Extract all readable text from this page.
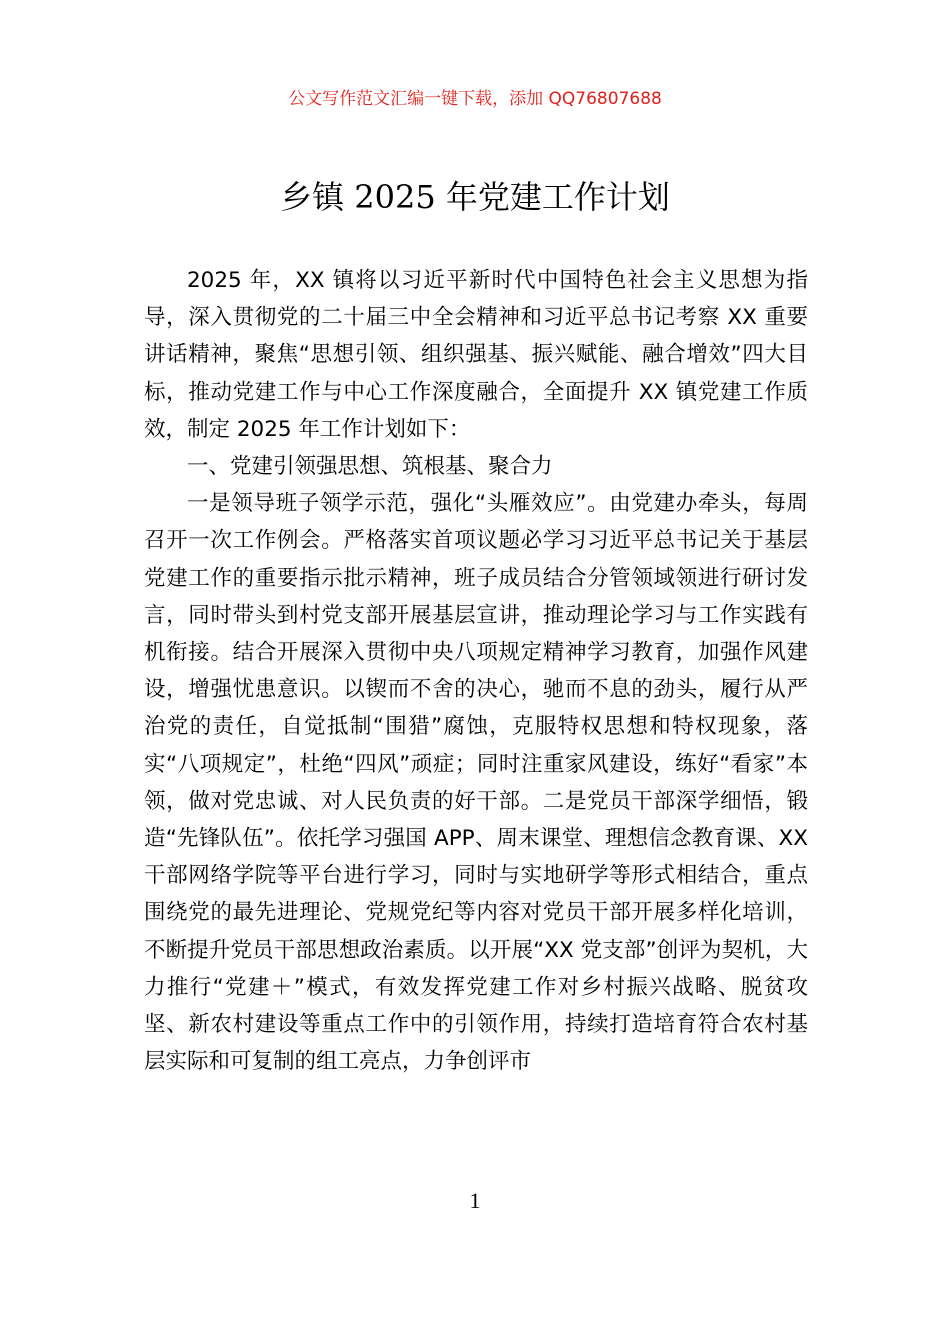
公文写作范文汇编一键下载，添加 QQ76807688
乡镇 2025 年党建工作计划

2025 年，XX 镇将以习近平新时代中国特色社会主义思想为指导，深入贯彻党的二十届三中全会精神和习近平总书记考察 XX 重要讲话精神，聚焦“思想引领、组织强基、振兴赋能、融合增效”四大目标，推动党建工作与中心工作深度融合，全面提升 XX 镇党建工作质效，制定 2025 年工作计划如下：

一、党建引领强思想、筑根基、聚合力

一是领导班子领学示范，强化“头雁效应”。由党建办牵头，每周召开一次工作例会。严格落实首项议题必学习习近平总书记关于基层党建工作的重要指示批示精神，班子成员结合分管领域领进行研讨发言，同时带头到村党支部开展基层宣讲，推动理论学习与工作实践有机衔接。结合开展深入贯彻中央八项规定精神学习教育，加强作风建设，增强忧患意识。以锲而不舍的决心，驰而不息的劲头，履行从严治党的责任，自觉抵制“围猎”腐蚀，克服特权思想和特权现象，落实“八项规定”，杜绝“四风”顽症；同时注重家风建设，练好“看家”本领，做对党忠诚、对人民负责的好干部。二是党员干部深学细悟，锻造“先锋队伍”。依托学习强国 APP、周末课堂、理想信念教育课、XX 干部网络学院等平台进行学习，同时与实地研学等形式相结合，重点围绕党的最先进理论、党规党纪等内容对党员干部开展多样化培训，不断提升党员干部思想政治素质。以开展“XX 党支部”创评为契机，大力推行“党建＋”模式，有效发挥党建工作对乡村振兴战略、脱贫攻坚、新农村建设等重点工作中的引领作用，持续打造培育符合农村基层实际和可复制的组工亮点，力争创评市

1
